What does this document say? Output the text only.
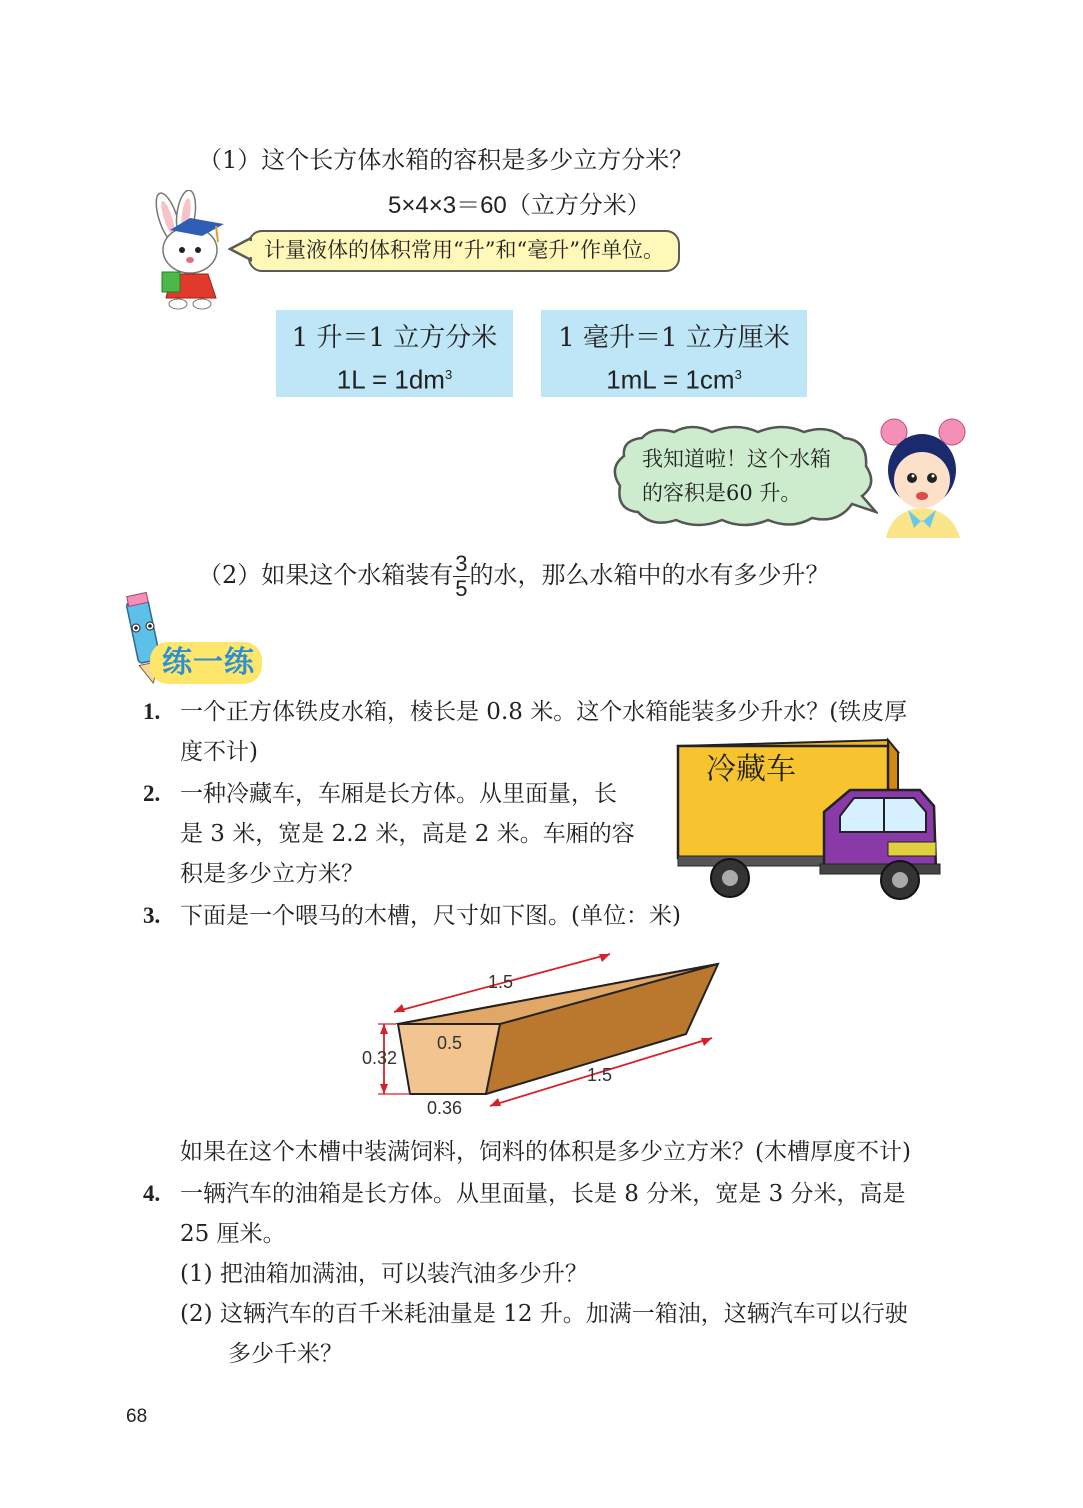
（1）这个长方体水箱的容积是多少立方分米？
5×4×3＝60（立方分米）
计量液体的体积常用“升”和“毫升”作单位。
1 升＝1 立方分米
$1L = 1dm^3$
1 毫升＝1 立方厘米
$1mL = 1cm^3$
我知道啦！这个水箱
的容积是60 升。
（2）如果这个水箱装有 $\frac{3}{5}$ 的水，那么水箱中的水有多少升？
练一练
1. 一个正方体铁皮水箱，棱长是 0.8 米。这个水箱能装多少升水？(铁皮厚
度不计)
2. 一种冷藏车，车厢是长方体。从里面量，长
是 3 米，宽是 2.2 米，高是 2 米。车厢的容
积是多少立方米？
冷藏车
3. 下面是一个喂马的木槽，尺寸如下图。(单位：米)
1.5
0.5
0.32
1.5
0.36
如果在这个木槽中装满饲料，饲料的体积是多少立方米？(木槽厚度不计)
4. 一辆汽车的油箱是长方体。从里面量，长是 8 分米，宽是 3 分米，高是
25 厘米。
(1) 把油箱加满油，可以装汽油多少升？
(2) 这辆汽车的百千米耗油量是 12 升。加满一箱油，这辆汽车可以行驶
多少千米？
68
